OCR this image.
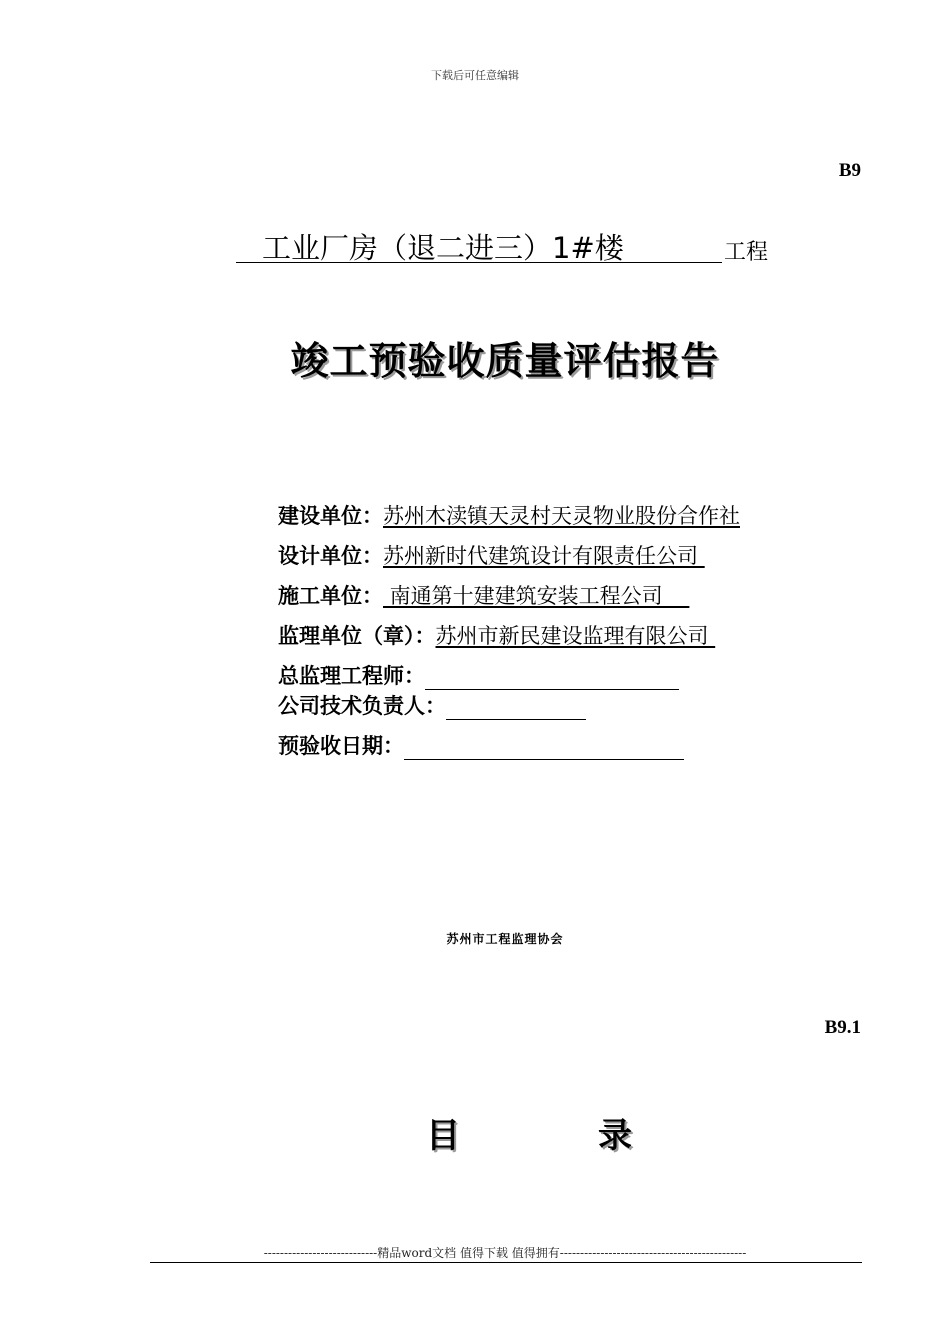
下载后可任意编辑
B9
工业厂房（退二进三）1#楼	工程
竣工预验收质量评估报告
建设单位：苏州木渎镇天灵村天灵物业股份合作社
设计单位：苏州新时代建筑设计有限责任公司
施工单位： 南通第十建建筑安装工程公司
监理单位（章）：苏州市新民建设监理有限公司
总监理工程师：
公司技术负责人：
预验收日期：
苏州市工程监理协会
B9.1
目	录
----------------------------精品word文档 值得下载 值得拥有----------------------------------------------
